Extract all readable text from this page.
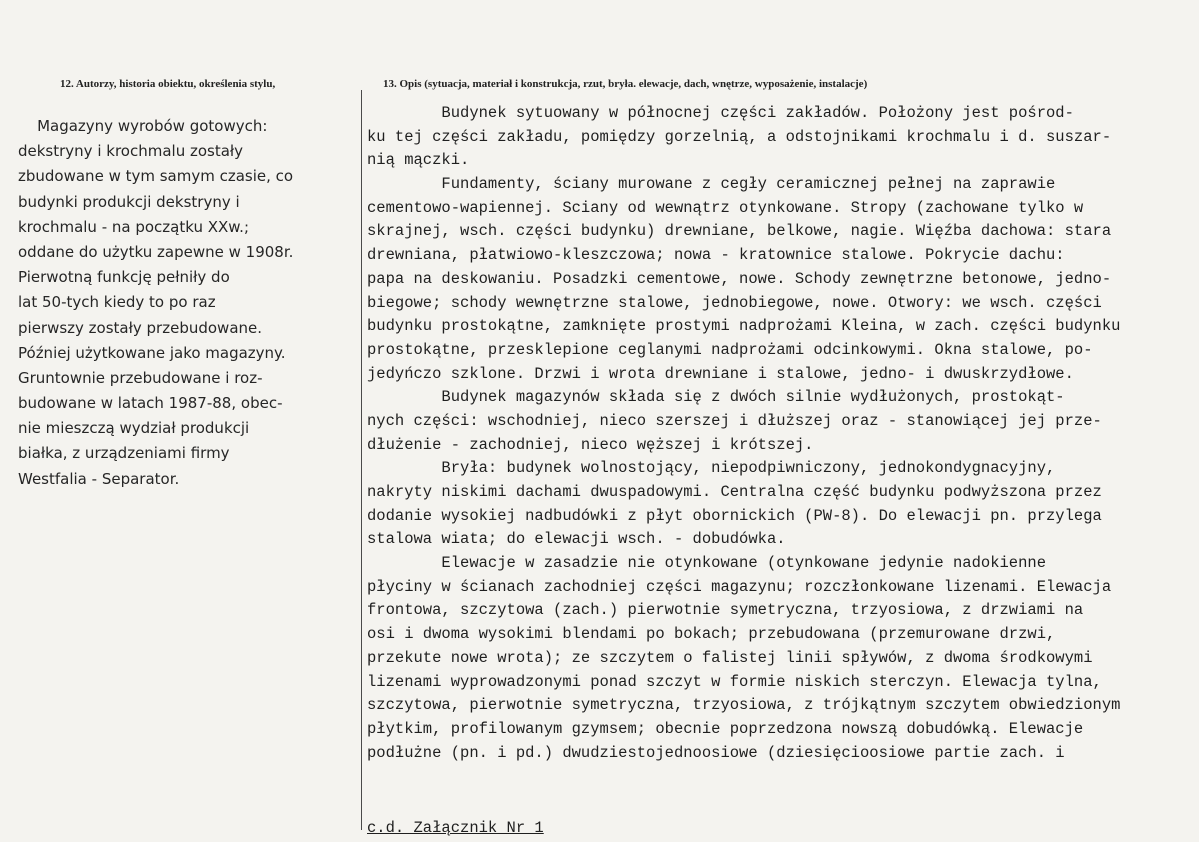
12. Autorzy, historia obiektu, określenia stylu,	13. Opis (sytuacja, materiał i konstrukcja, rzut, bryła. elewacje, dach, wnętrze, wyposażenie, instalacje)
Magazyny wyrobów gotowych:
dekstryny i krochmalu zostały
zbudowane w tym samym czasie, co
budynki produkcji dekstryny i
krochmalu - na początku XXw.;
oddane do użytku zapewne w 1908r.
Pierwotną funkcję pełniły do
lat 50-tych kiedy to po raz
pierwszy zostały przebudowane.
Później użytkowane jako magazyny.
Gruntownie przebudowane i roz-
budowane w latach 1987-88, obec-
nie mieszczą wydział produkcji
białka, z urządzeniami firmy
Westfalia - Separator.
Budynek sytuowany w północnej części zakładów. Położony jest pośrod-
ku tej części zakładu, pomiędzy gorzelnią, a odstojnikami krochmalu i d. suszar-
nią mączki.
Fundamenty, ściany murowane z cegły ceramicznej pełnej na zaprawie
cementowo-wapiennej. Sciany od wewnątrz otynkowane. Stropy (zachowane tylko w
skrajnej, wsch. części budynku) drewniane, belkowe, nagie. Więźba dachowa: stara
drewniana, płatwiowo-kleszczowa; nowa - kratownice stalowe. Pokrycie dachu:
papa na deskowaniu. Posadzki cementowe, nowe. Schody zewnętrzne betonowe, jedno-
biegowe; schody wewnętrzne stalowe, jednobiegowe, nowe. Otwory: we wsch. części
budynku prostokątne, zamknięte prostymi nadprożami Kleina, w zach. części budynku
prostokątne, przesklepione ceglanymi nadprożami odcinkowymi. Okna stalowe, po-
jedyńczo szklone. Drzwi i wrota drewniane i stalowe, jedno- i dwuskrzydłowe.
Budynek magazynów składa się z dwóch silnie wydłużonych, prostokąt-
nych części: wschodniej, nieco szerszej i dłuższej oraz - stanowiącej jej prze-
dłużenie - zachodniej, nieco węższej i krótszej.
Bryła: budynek wolnostojący, niepodpiwniczony, jednokondygnacyjny,
nakryty niskimi dachami dwuspadowymi. Centralna część budynku podwyższona przez
dodanie wysokiej nadbudówki z płyt obornickich (PW-8). Do elewacji pn. przylega
stalowa wiata; do elewacji wsch. - dobudówka.
Elewacje w zasadzie nie otynkowane (otynkowane jedynie nadokienne
płyciny w ścianach zachodniej części magazynu; rozczłonkowane lizenami. Elewacja
frontowa, szczytowa (zach.) pierwotnie symetryczna, trzyosiowa, z drzwiami na
osi i dwoma wysokimi blendami po bokach; przebudowana (przemurowane drzwi,
przekute nowe wrota); ze szczytem o falistej linii spływów, z dwoma środkowymi
lizenami wyprowadzonymi ponad szczyt w formie niskich sterczyn. Elewacja tylna,
szczytowa, pierwotnie symetryczna, trzyosiowa, z trójkątnym szczytem obwiedzionym
płytkim, profilowanym gzymsem; obecnie poprzedzona nowszą dobudówką. Elewacje
podłużne (pn. i pd.) dwudziestojednoosiowe (dziesięcioosiowe partie zach. i
c.d. Załącznik Nr 1
